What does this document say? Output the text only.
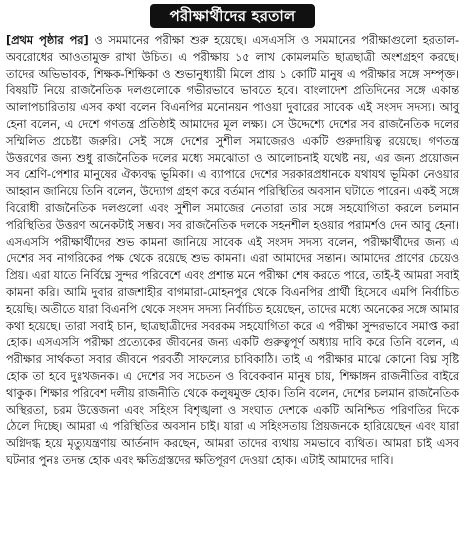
পরীক্ষার্থীদের হরতাল

[প্রথম পৃষ্ঠার পর] ও সমমানের পরীক্ষা শুরু হয়েছে। এসএসসি ও সমমানের পরীক্ষাগুলো হরতাল-অবরোধের আওতামুক্ত রাখা উচিত। এ পরীক্ষায় ১৫ লাখ কোমলমতি ছাত্রছাত্রী অংশগ্রহণ করছে। তাদের অভিভাবক, শিক্ষক-শিক্ষিকা ও শুভানুধ্যায়ী মিলে প্রায় ১ কোটি মানুষ এ পরীক্ষার সঙ্গে সম্পৃক্ত। বিষয়টি নিয়ে রাজনৈতিক দলগুলোকে গভীরভাবে ভাবতে হবে। বাংলাদেশ প্রতিদিনের সঙ্গে একান্ত আলাপচারিতায় এসব কথা বলেন বিএনপির মনোনয়ন পাওয়া দুবারের সাবেক এই সংসদ সদস্য। আবু হেনা বলেন, এ দেশে গণতন্ত্র প্রতিষ্ঠাই আমাদের মূল লক্ষ্য। সে উদ্দেশ্যে দেশের সব রাজনৈতিক দলের সম্মিলিত প্রচেষ্টা জরুরি। সেই সঙ্গে দেশের সুশীল সমাজেরও একটি গুরুদায়িত্ব রয়েছে। গণতন্ত্র উত্তরণের জন্য শুধু রাজনৈতিক দলের মধ্যে সমঝোতা ও আলোচনাই যথেষ্ট নয়, এর জন্য প্রয়োজন সব শ্রেণি-পেশার মানুষের ঐক্যবদ্ধ ভূমিকা। এ ব্যাপারে দেশের সরকারপ্রধানকে যথাযথ ভূমিকা নেওয়ার আহ্বান জানিয়ে তিনি বলেন, উদ্যোগ গ্রহণ করে বর্তমান পরিস্থিতির অবসান ঘটাতে পারেন। একই সঙ্গে বিরোধী রাজনৈতিক দলগুলো এবং সুশীল সমাজের নেতারা তার সঙ্গে সহযোগিতা করলে চলমান পরিস্থিতির উত্তরণ অনেকটাই সম্ভব। সব রাজনৈতিক দলকে সহনশীল হওয়ার পরামর্শও দেন আবু হেনা। এসএসসি পরীক্ষার্থীদের শুভ কামনা জানিয়ে সাবেক এই সংসদ সদস্য বলেন, পরীক্ষার্থীদের জন্য এ দেশের সব নাগরিকের পক্ষ থেকে রয়েছে শুভ কামনা। এরা আমাদের সন্তান। আমাদের প্রাণের চেয়েও প্রিয়। এরা যাতে নির্বিঘ্নে সুন্দর পরিবেশে এবং প্রশান্ত মনে পরীক্ষা শেষ করতে পারে, তাই-ই আমরা সবাই কামনা করি। আমি দুবার রাজশাহীর বাগমারা-মোহনপুর থেকে বিএনপির প্রার্থী হিসেবে এমপি নির্বাচিত হয়েছি। অতীতে যারা বিএনপি থেকে সংসদ সদস্য নির্বাচিত হয়েছেন, তাদের মধ্যে অনেকের সঙ্গে আমার কথা হয়েছে। তারা সবাই চান, ছাত্রছাত্রীদের সবরকম সহযোগিতা করে এ পরীক্ষা সুন্দরভাবে সমাপ্ত করা হোক। এসএসসি পরীক্ষা প্রত্যেকের জীবনের জন্য একটি গুরুত্বপূর্ণ অধ্যায় দাবি করে তিনি বলেন, এ পরীক্ষার সার্থকতা সবার জীবনে পরবর্তী সাফল্যের চাবিকাঠি। তাই এ পরীক্ষার মাঝে কোনো বিঘ্ন সৃষ্টি হোক তা হবে দুঃখজনক। এ দেশের সব সচেতন ও বিবেকবান মানুষ চায়, শিক্ষাঙ্গন রাজনীতির বাইরে থাকুক। শিক্ষার পরিবেশ দলীয় রাজনীতি থেকে কলুষমুক্ত হোক। তিনি বলেন, দেশের চলমান রাজনৈতিক অস্থিরতা, চরম উত্তেজনা এবং সহিংস বিশৃঙ্খলা ও সংঘাত দেশকে একটি অনিশ্চিত পরিণতির দিকে ঠেলে দিচ্ছে। আমরা এ পরিস্থিতির অবসান চাই। যারা এ সহিংসতায় প্রিয়জনকে হারিয়েছেন এবং যারা অগ্নিদগ্ধ হয়ে মৃত্যুযন্ত্রণায় আর্তনাদ করছেন, আমরা তাদের ব্যথায় সমভাবে ব্যথিত। আমরা চাই এসব ঘটনার পুনঃ তদন্ত হোক এবং ক্ষতিগ্রস্তদের ক্ষতিপূরণ দেওয়া হোক। এটাই আমাদের দাবি।
